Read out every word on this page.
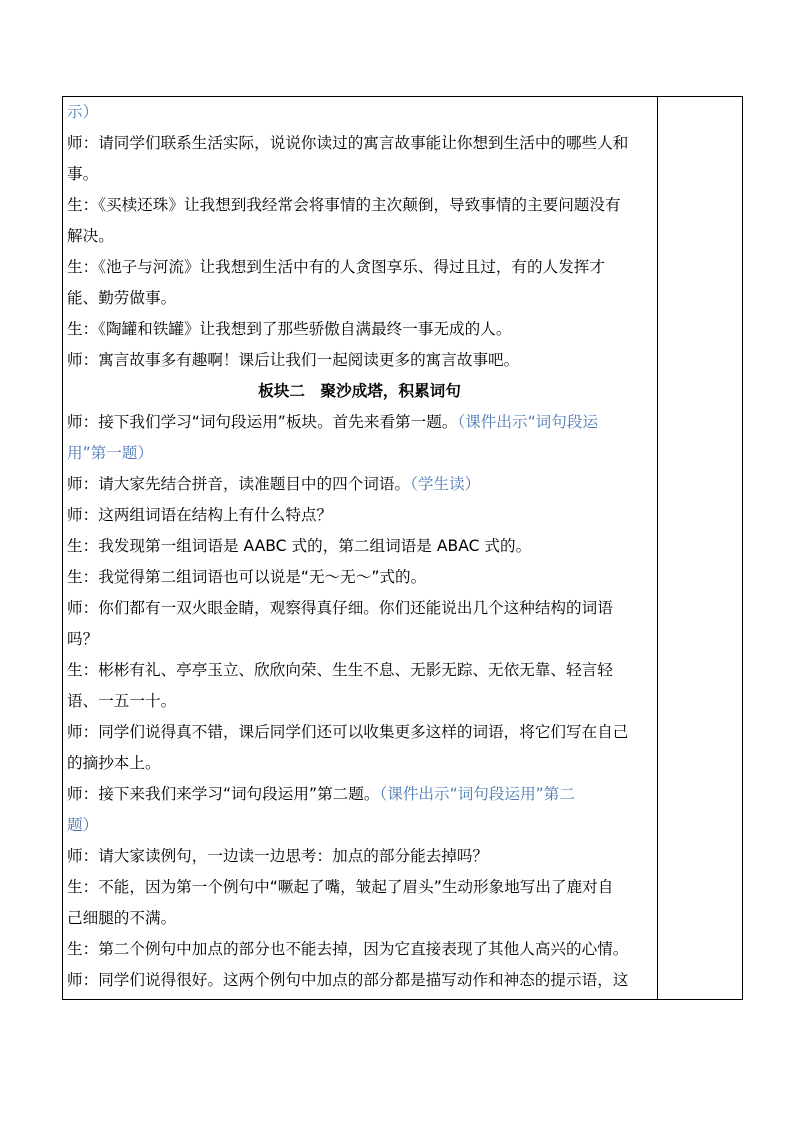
示）
师：请同学们联系生活实际，说说你读过的寓言故事能让你想到生活中的哪些人和
事。
生：《买椟还珠》让我想到我经常会将事情的主次颠倒，导致事情的主要问题没有
解决。
生：《池子与河流》让我想到生活中有的人贪图享乐、得过且过，有的人发挥才
能、勤劳做事。
生：《陶罐和铁罐》让我想到了那些骄傲自满最终一事无成的人。
师：寓言故事多有趣啊！课后让我们一起阅读更多的寓言故事吧。
板块二　聚沙成塔，积累词句
师：接下我们学习“词句段运用”板块。首先来看第一题。（课件出示“词句段运
用”第一题）
师：请大家先结合拼音，读准题目中的四个词语。（学生读）
师：这两组词语在结构上有什么特点？
生：我发现第一组词语是 AABC 式的，第二组词语是 ABAC 式的。
生：我觉得第二组词语也可以说是“无～无～”式的。
师：你们都有一双火眼金睛，观察得真仔细。你们还能说出几个这种结构的词语
吗？
生：彬彬有礼、亭亭玉立、欣欣向荣、生生不息、无影无踪、无依无靠、轻言轻
语、一五一十。
师：同学们说得真不错，课后同学们还可以收集更多这样的词语，将它们写在自己
的摘抄本上。
师：接下来我们来学习“词句段运用”第二题。（课件出示“词句段运用”第二
题）
师：请大家读例句，一边读一边思考：加点的部分能去掉吗？
生：不能，因为第一个例句中“噘起了嘴，皱起了眉头”生动形象地写出了鹿对自
己细腿的不满。
生：第二个例句中加点的部分也不能去掉，因为它直接表现了其他人高兴的心情。
师：同学们说得很好。这两个例句中加点的部分都是描写动作和神态的提示语，这
